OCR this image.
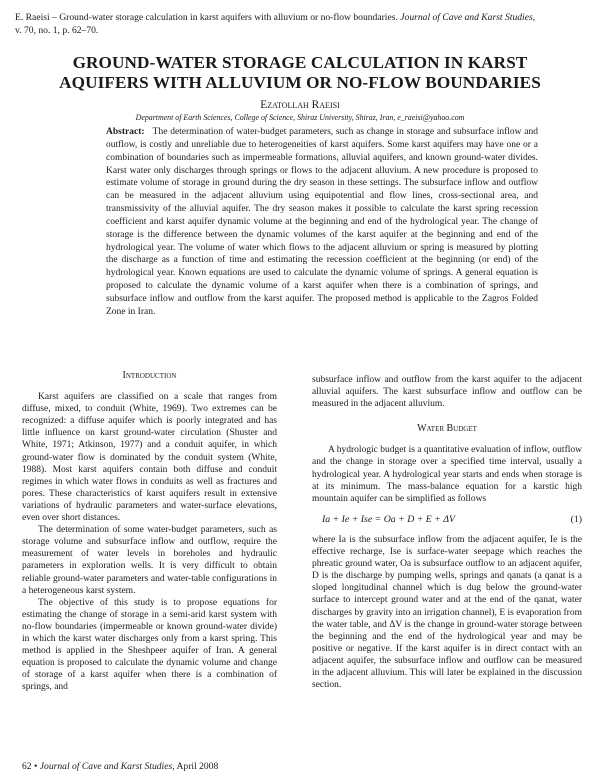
E. Raeisi – Ground-water storage calculation in karst aquifers with alluvium or no-flow boundaries. Journal of Cave and Karst Studies,
v. 70, no. 1, p. 62–70.
GROUND-WATER STORAGE CALCULATION IN KARST
AQUIFERS WITH ALLUVIUM OR NO-FLOW BOUNDARIES
Ezatollah Raeisi
Department of Earth Sciences, College of Science, Shiraz University, Shiraz, Iran, e_raeisi@yahoo.com
Abstract: The determination of water-budget parameters, such as change in storage and subsurface inflow and outflow, is costly and unreliable due to heterogeneities of karst aquifers. Some karst aquifers may have one or a combination of boundaries such as impermeable formations, alluvial aquifers, and known ground-water divides. Karst water only discharges through springs or flows to the adjacent alluvium. A new procedure is proposed to estimate volume of storage in ground during the dry season in these settings. The subsurface inflow and outflow can be measured in the adjacent alluvium using equipotential and flow lines, cross-sectional area, and transmissivity of the alluvial aquifer. The dry season makes it possible to calculate the karst spring recession coefficient and karst aquifer dynamic volume at the beginning and end of the hydrological year. The change of storage is the difference between the dynamic volumes of the karst aquifer at the beginning and end of the hydrological year. The volume of water which flows to the adjacent alluvium or spring is measured by plotting the discharge as a function of time and estimating the recession coefficient at the beginning (or end) of the hydrological year. Known equations are used to calculate the dynamic volume of springs. A general equation is proposed to calculate the dynamic volume of a karst aquifer when there is a combination of springs, and subsurface inflow and outflow from the karst aquifer. The proposed method is applicable to the Zagros Folded Zone in Iran.
Introduction

Karst aquifers are classified on a scale that ranges from diffuse, mixed, to conduit (White, 1969). Two extremes can be recognized: a diffuse aquifer which is poorly integrated and has little influence on karst ground-water circulation (Shuster and White, 1971; Atkinson, 1977) and a conduit aquifer, in which ground-water flow is dominated by the conduit system (White, 1988). Most karst aquifers contain both diffuse and conduit regimes in which water flows in conduits as well as fractures and pores. These characteristics of karst aquifers result in extensive variations of hydraulic parameters and water-surface elevations, even over short distances.

The determination of some water-budget parameters, such as storage volume and subsurface inflow and outflow, require the measurement of water levels in boreholes and hydraulic parameters in exploration wells. It is very difficult to obtain reliable ground-water parameters and water-table configurations in a heterogeneous karst system.

The objective of this study is to propose equations for estimating the change of storage in a semi-arid karst system with no-flow boundaries (impermeable or known ground-water divide) in which the karst water discharges only from a karst spring. This method is applied in the Sheshpeer aquifer of Iran. A general equation is proposed to calculate the dynamic volume and change of storage of a karst aquifer when there is a combination of springs, and

subsurface inflow and outflow from the karst aquifer to the adjacent alluvial aquifers. The karst subsurface inflow and outflow can be measured in the adjacent alluvium.

Water Budget

A hydrologic budget is a quantitative evaluation of inflow, outflow and the change in storage over a specified time interval, usually a hydrological year. A hydrological year starts and ends when storage is at its minimum. The mass-balance equation for a karstic high mountain aquifer can be simplified as follows

Ia + Ie + Ise = Oa + D + E + ΔV	(1)

where Ia is the subsurface inflow from the adjacent aquifer, Ie is the effective recharge, Ise is surface-water seepage which reaches the phreatic ground water, Oa is subsurface outflow to an adjacent aquifer, D is the discharge by pumping wells, springs and qanats (a qanat is a sloped longitudinal channel which is dug below the ground-water surface to intercept ground water and at the end of the qanat, water discharges by gravity into an irrigation channel), E is evaporation from the water table, and ΔV is the change in ground-water storage between the beginning and the end of the hydrological year and may be positive or negative. If the karst aquifer is in direct contact with an adjacent aquifer, the subsurface inflow and outflow can be measured in the adjacent alluvium. This will later be explained in the discussion section.

62 • Journal of Cave and Karst Studies, April 2008
